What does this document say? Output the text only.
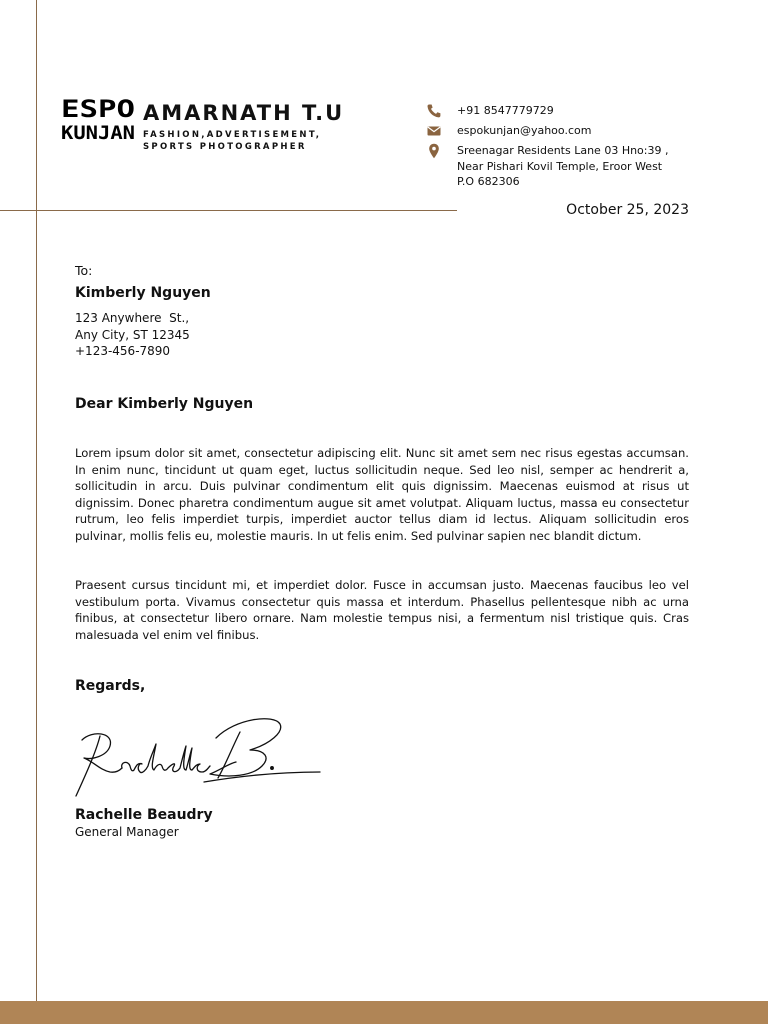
ESPO
KUNJAN
AMARNATH T.U
FASHION,ADVERTISEMENT, SPORTS PHOTOGRAPHER
+91 8547779729
espokunjan@yahoo.com
Sreenagar Residents Lane 03 Hno:39 ,
Near Pishari Kovil Temple, Eroor West
P.O 682306
October 25, 2023
To:
Kimberly Nguyen
123 Anywhere  St.,
Any City, ST 12345
+123-456-7890
Dear Kimberly Nguyen

Lorem ipsum dolor sit amet, consectetur adipiscing elit. Nunc sit amet sem nec risus egestas accumsan. In enim nunc, tincidunt ut quam eget, luctus sollicitudin neque. Sed leo nisl, semper ac hendrerit a, sollicitudin in arcu. Duis pulvinar condimentum elit quis dignissim. Maecenas euismod at risus ut dignissim. Donec pharetra condimentum augue sit amet volutpat. Aliquam luctus, massa eu consectetur rutrum, leo felis imperdiet turpis, imperdiet auctor tellus diam id lectus. Aliquam sollicitudin eros pulvinar, mollis felis eu, molestie mauris. In ut felis enim. Sed pulvinar sapien nec blandit dictum.

Praesent cursus tincidunt mi, et imperdiet dolor. Fusce in accumsan justo. Maecenas faucibus leo vel vestibulum porta. Vivamus consectetur quis massa et interdum. Phasellus pellentesque nibh ac urna finibus, at consectetur libero ornare. Nam molestie tempus nisi, a fermentum nisl tristique quis. Cras malesuada vel enim vel finibus.

Regards,
Rachelle Beaudry
General Manager
